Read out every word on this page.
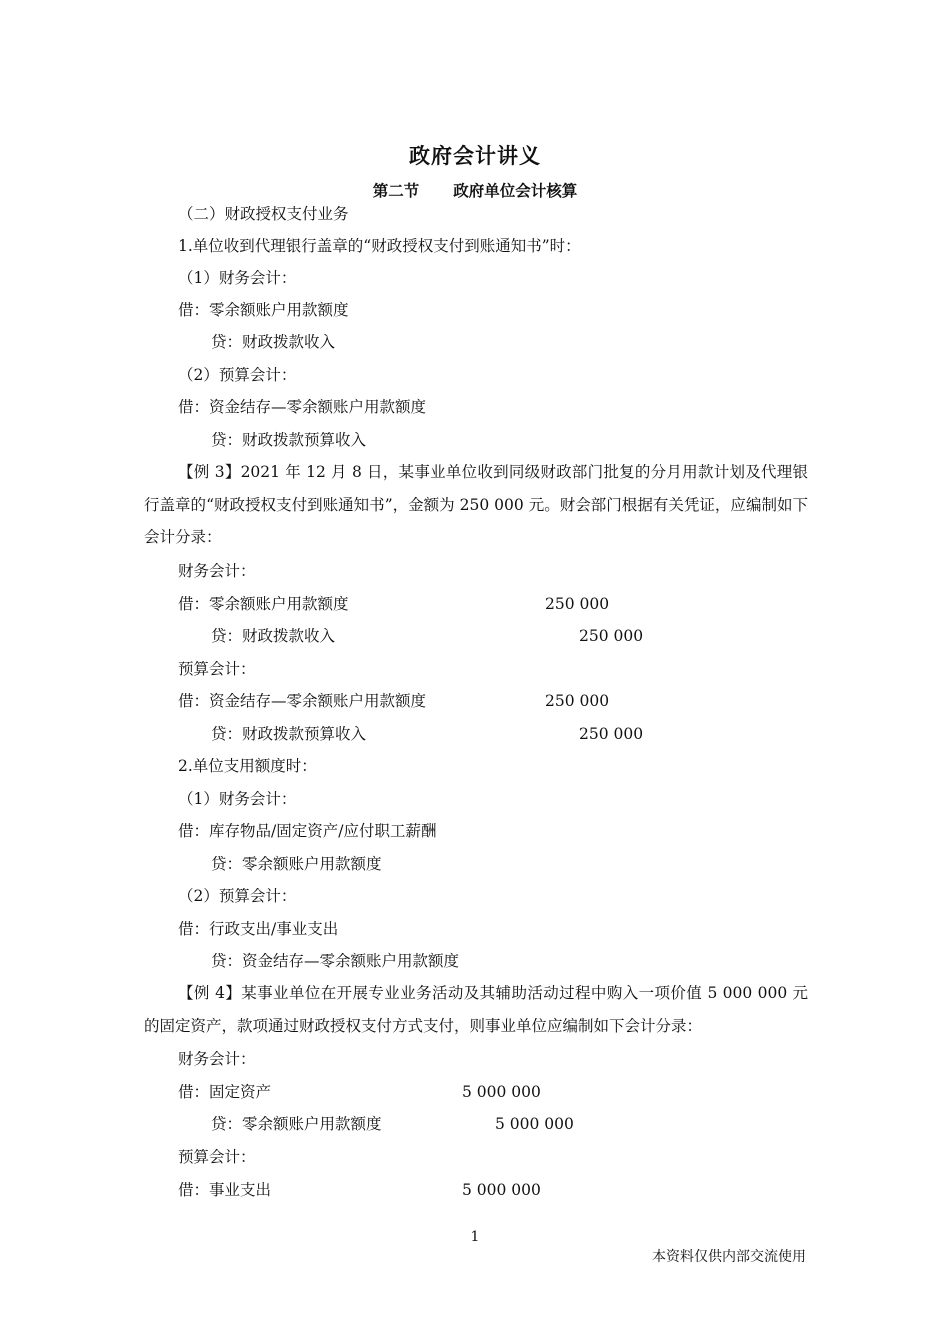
政府会计讲义
第二节 政府单位会计核算
（二）财政授权支付业务
1.单位收到代理银行盖章的“财政授权支付到账通知书”时：
（1）财务会计：
借：零余额账户用款额度
贷：财政拨款收入
（2）预算会计：
借：资金结存—零余额账户用款额度
贷：财政拨款预算收入
【例 3】2021 年 12 月 8 日，某事业单位收到同级财政部门批复的分月用款计划及代理银行盖章的“财政授权支付到账通知书”，金额为 250 000 元。财会部门根据有关凭证，应编制如下会计分录：
财务会计：
借：零余额账户用款额度	250 000
贷：财政拨款收入	250 000
预算会计：
借：资金结存—零余额账户用款额度	250 000
贷：财政拨款预算收入	250 000
2.单位支用额度时：
（1）财务会计：
借：库存物品/固定资产/应付职工薪酬
贷：零余额账户用款额度
（2）预算会计：
借：行政支出/事业支出
贷：资金结存—零余额账户用款额度
【例 4】某事业单位在开展专业业务活动及其辅助活动过程中购入一项价值 5 000 000 元的固定资产，款项通过财政授权支付方式支付，则事业单位应编制如下会计分录：
财务会计：
借：固定资产	5 000 000
贷：零余额账户用款额度	5 000 000
预算会计：
借：事业支出	5 000 000
1
本资料仅供内部交流使用
